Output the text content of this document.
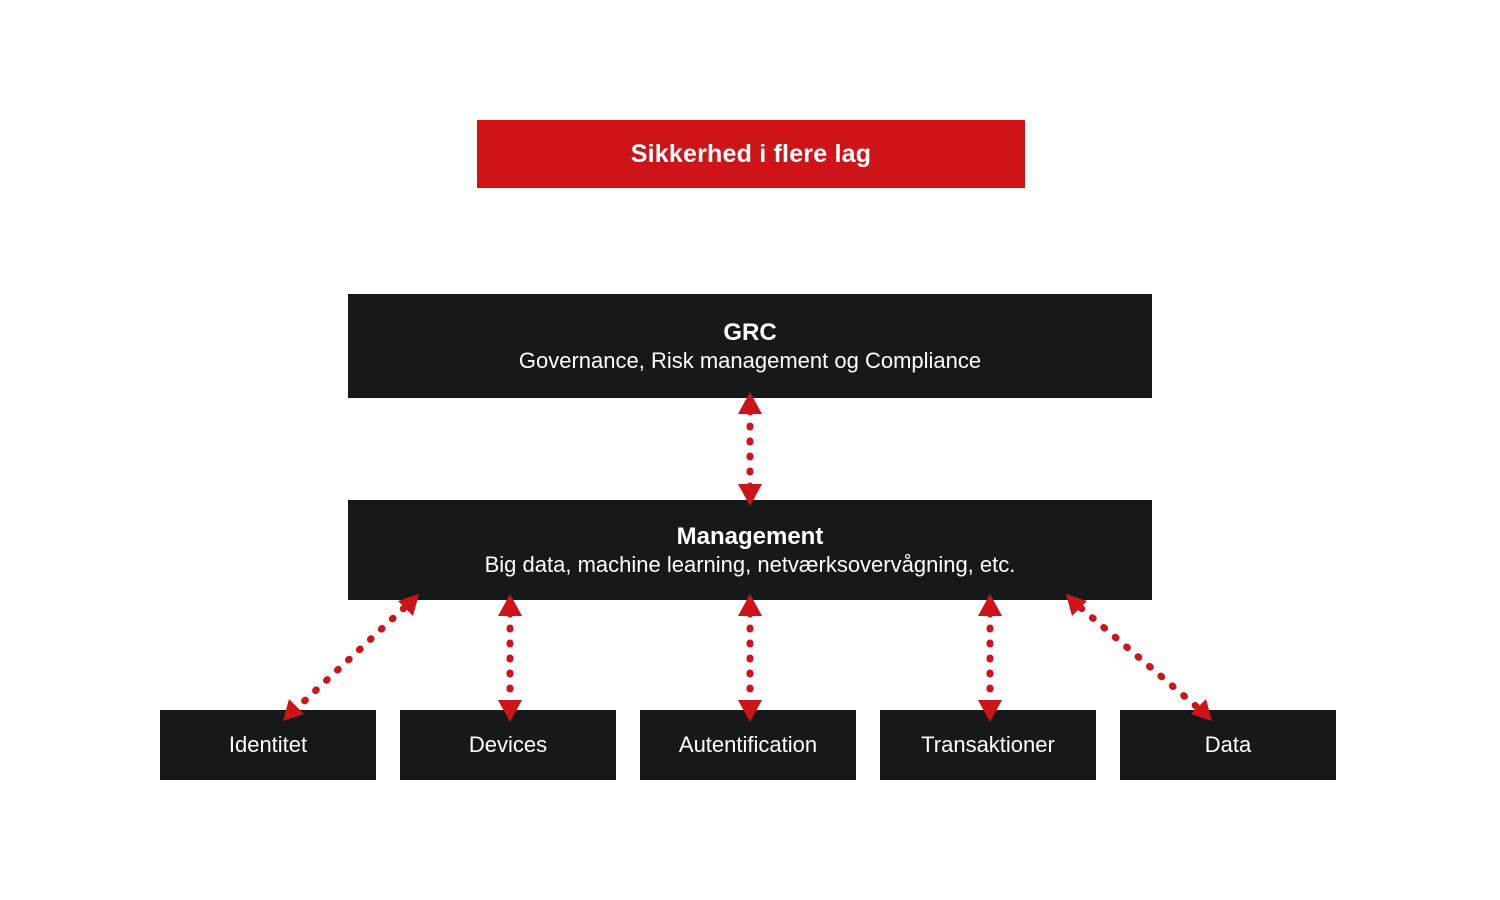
Sikkerhed i flere lag
GRC
Governance, Risk management og Compliance
Management
Big data, machine learning, netværksovervågning, etc.
Identitet	Devices	Autentification	Transaktioner	Data
